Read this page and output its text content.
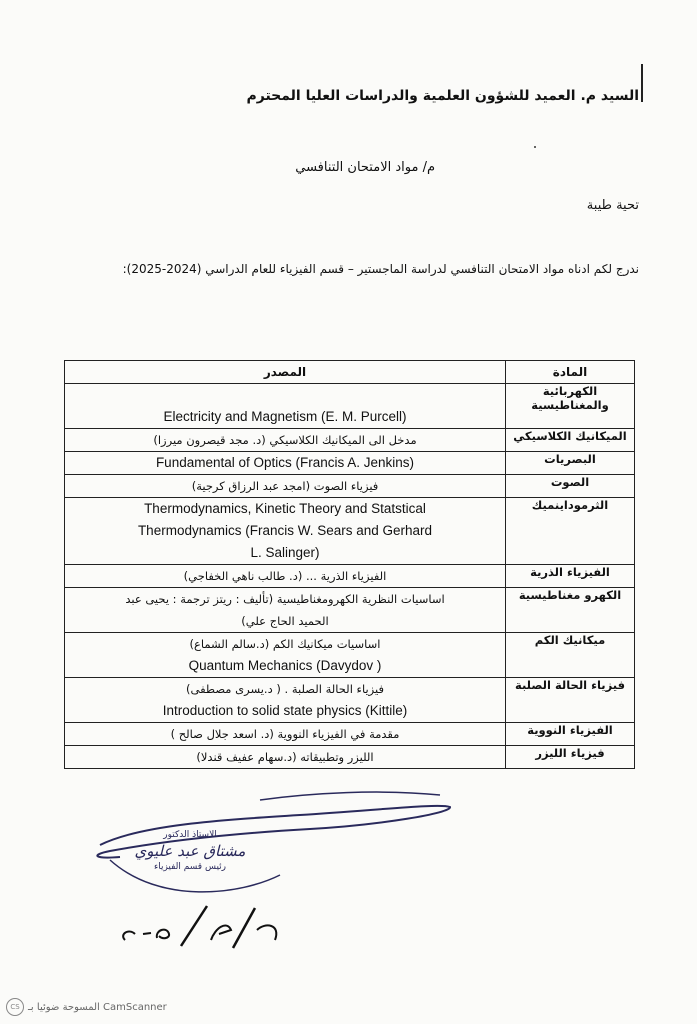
السيد م. العميد للشؤون العلمية والدراسات العليا المحترم
م/ مواد الامتحان التنافسي
تحية طيبة
ندرج لكم ادناه مواد الامتحان التنافسي لدراسة الماجستير – قسم الفيزياء للعام الدراسي (2024-2025):
المادة	المصدر
الكهربائية والمغناطيسية	Electricity and Magnetism (E. M. Purcell)

الميكانيك الكلاسيكي	مدخل الى الميكانيك الكلاسيكي (د. مجد قيصرون ميرزا)

البصريات	Fundamental of Optics (Francis A. Jenkins)

الصوت	فيزياء الصوت (امجد عبد الرزاق كرجية)

الثرموداينميك	Thermodynamics, Kinetic Theory and Statstical
Thermodynamics (Francis W. Sears and Gerhard
L. Salinger)

الفيزياء الذرية	الفيزياء الذرية ... (د. طالب ناهي الخفاجي)

الكهرو مغناطيسية	اساسيات النظرية الكهرومغناطيسية (تأليف : ريتز ترجمة : يحيى عبد
الحميد الحاج علي)

ميكانيك الكم	اساسيات ميكانيك الكم (د.سالم الشماع)
Quantum Mechanics (Davydov )

فيزياء الحالة الصلبة	فيزياء الحالة الصلبة . ( د.يسرى مصطفى)
Introduction to solid state physics (Kittile)

الفيزياء النووية	مقدمة في الفيزياء النووية (د. اسعد جلال صالح )

فيزياء الليزر	الليزر وتطبيقاته (د.سهام عفيف قندلا)
الاستاذ الدكتور
مشتاق عبد عليوي
رئيس قسم الفيزياء
CS المسوحة ضوئيا بـ CamScanner
